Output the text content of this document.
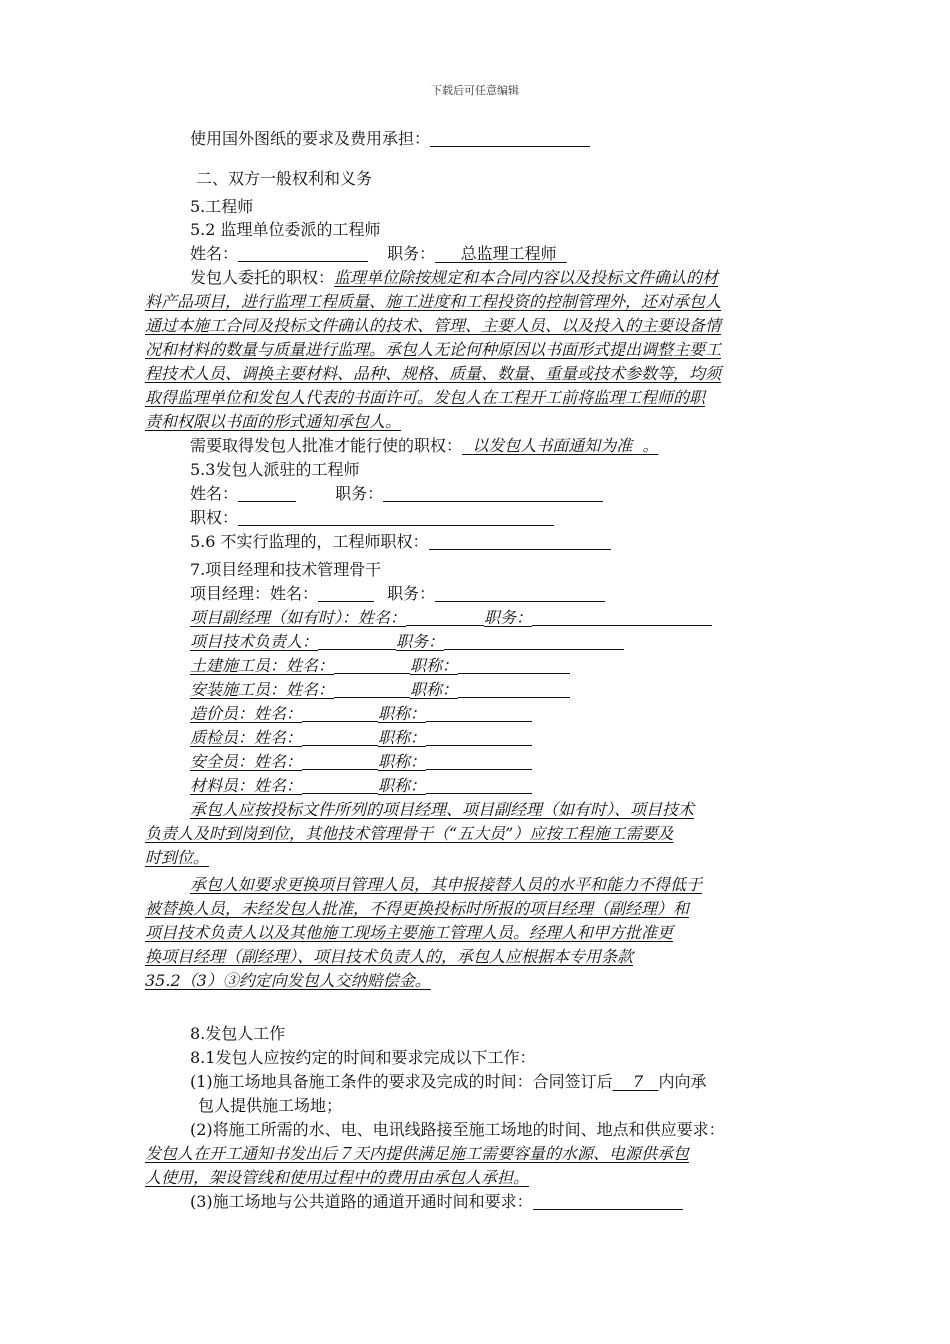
下载后可任意编辑
使用国外图纸的要求及费用承担：
二、双方一般权利和义务
5.工程师
5.2 监理单位委派的工程师
姓名：	职务： 总监理工程师
发包人委托的职权：监理单位除按规定和本合同内容以及投标文件确认的材
料产品项目，进行监理工程质量、施工进度和工程投资的控制管理外，还对承包人
通过本施工合同及投标文件确认的技术、管理、主要人员、以及投入的主要设备情
况和材料的数量与质量进行监理。承包人无论何种原因以书面形式提出调整主要工
程技术人员、调换主要材料、品种、规格、质量、数量、重量或技术参数等，均须
取得监理单位和发包人代表的书面许可。发包人在工程开工前将监理工程师的职
责和权限以书面的形式通知承包人。
需要取得发包人批准才能行使的职权： 以发包人书面通知为准  。
5.3发包人派驻的工程师
姓名：	职务：
职权：
5.6 不实行监理的，工程师职权：
7.项目经理和技术管理骨干
项目经理：姓名：	职务：
项目副经理（如有时）：姓名：	职务：
项目技术负责人：	职务：
土建施工员：姓名：	职称：
安装施工员：姓名：	职称：
造价员：姓名：	职称：
质检员：姓名：	职称：
安全员：姓名：	职称：
材料员：姓名：	职称：
承包人应按投标文件所列的项目经理、项目副经理（如有时）、项目技术
负责人及时到岗到位，其他技术管理骨干（“五大员”）应按工程施工需要及
时到位。
承包人如要求更换项目管理人员，其申报接替人员的水平和能力不得低于
被替换人员，未经发包人批准，不得更换投标时所报的项目经理（副经理）和
项目技术负责人以及其他施工现场主要施工管理人员。经理人和甲方批准更
换项目经理（副经理）、项目技术负责人的，承包人应根据本专用条款
35.2（3）③约定向发包人交纳赔偿金。
8.发包人工作
8.1发包人应按约定的时间和要求完成以下工作：
(1)施工场地具备施工条件的要求及完成的时间：合同签订后 7 内向承
包人提供施工场地；
(2)将施工所需的水、电、电讯线路接至施工场地的时间、地点和供应要求：
发包人在开工通知书发出后７天内提供满足施工需要容量的水源、电源供承包
人使用，架设管线和使用过程中的费用由承包人承担。
(3)施工场地与公共道路的通道开通时间和要求：
